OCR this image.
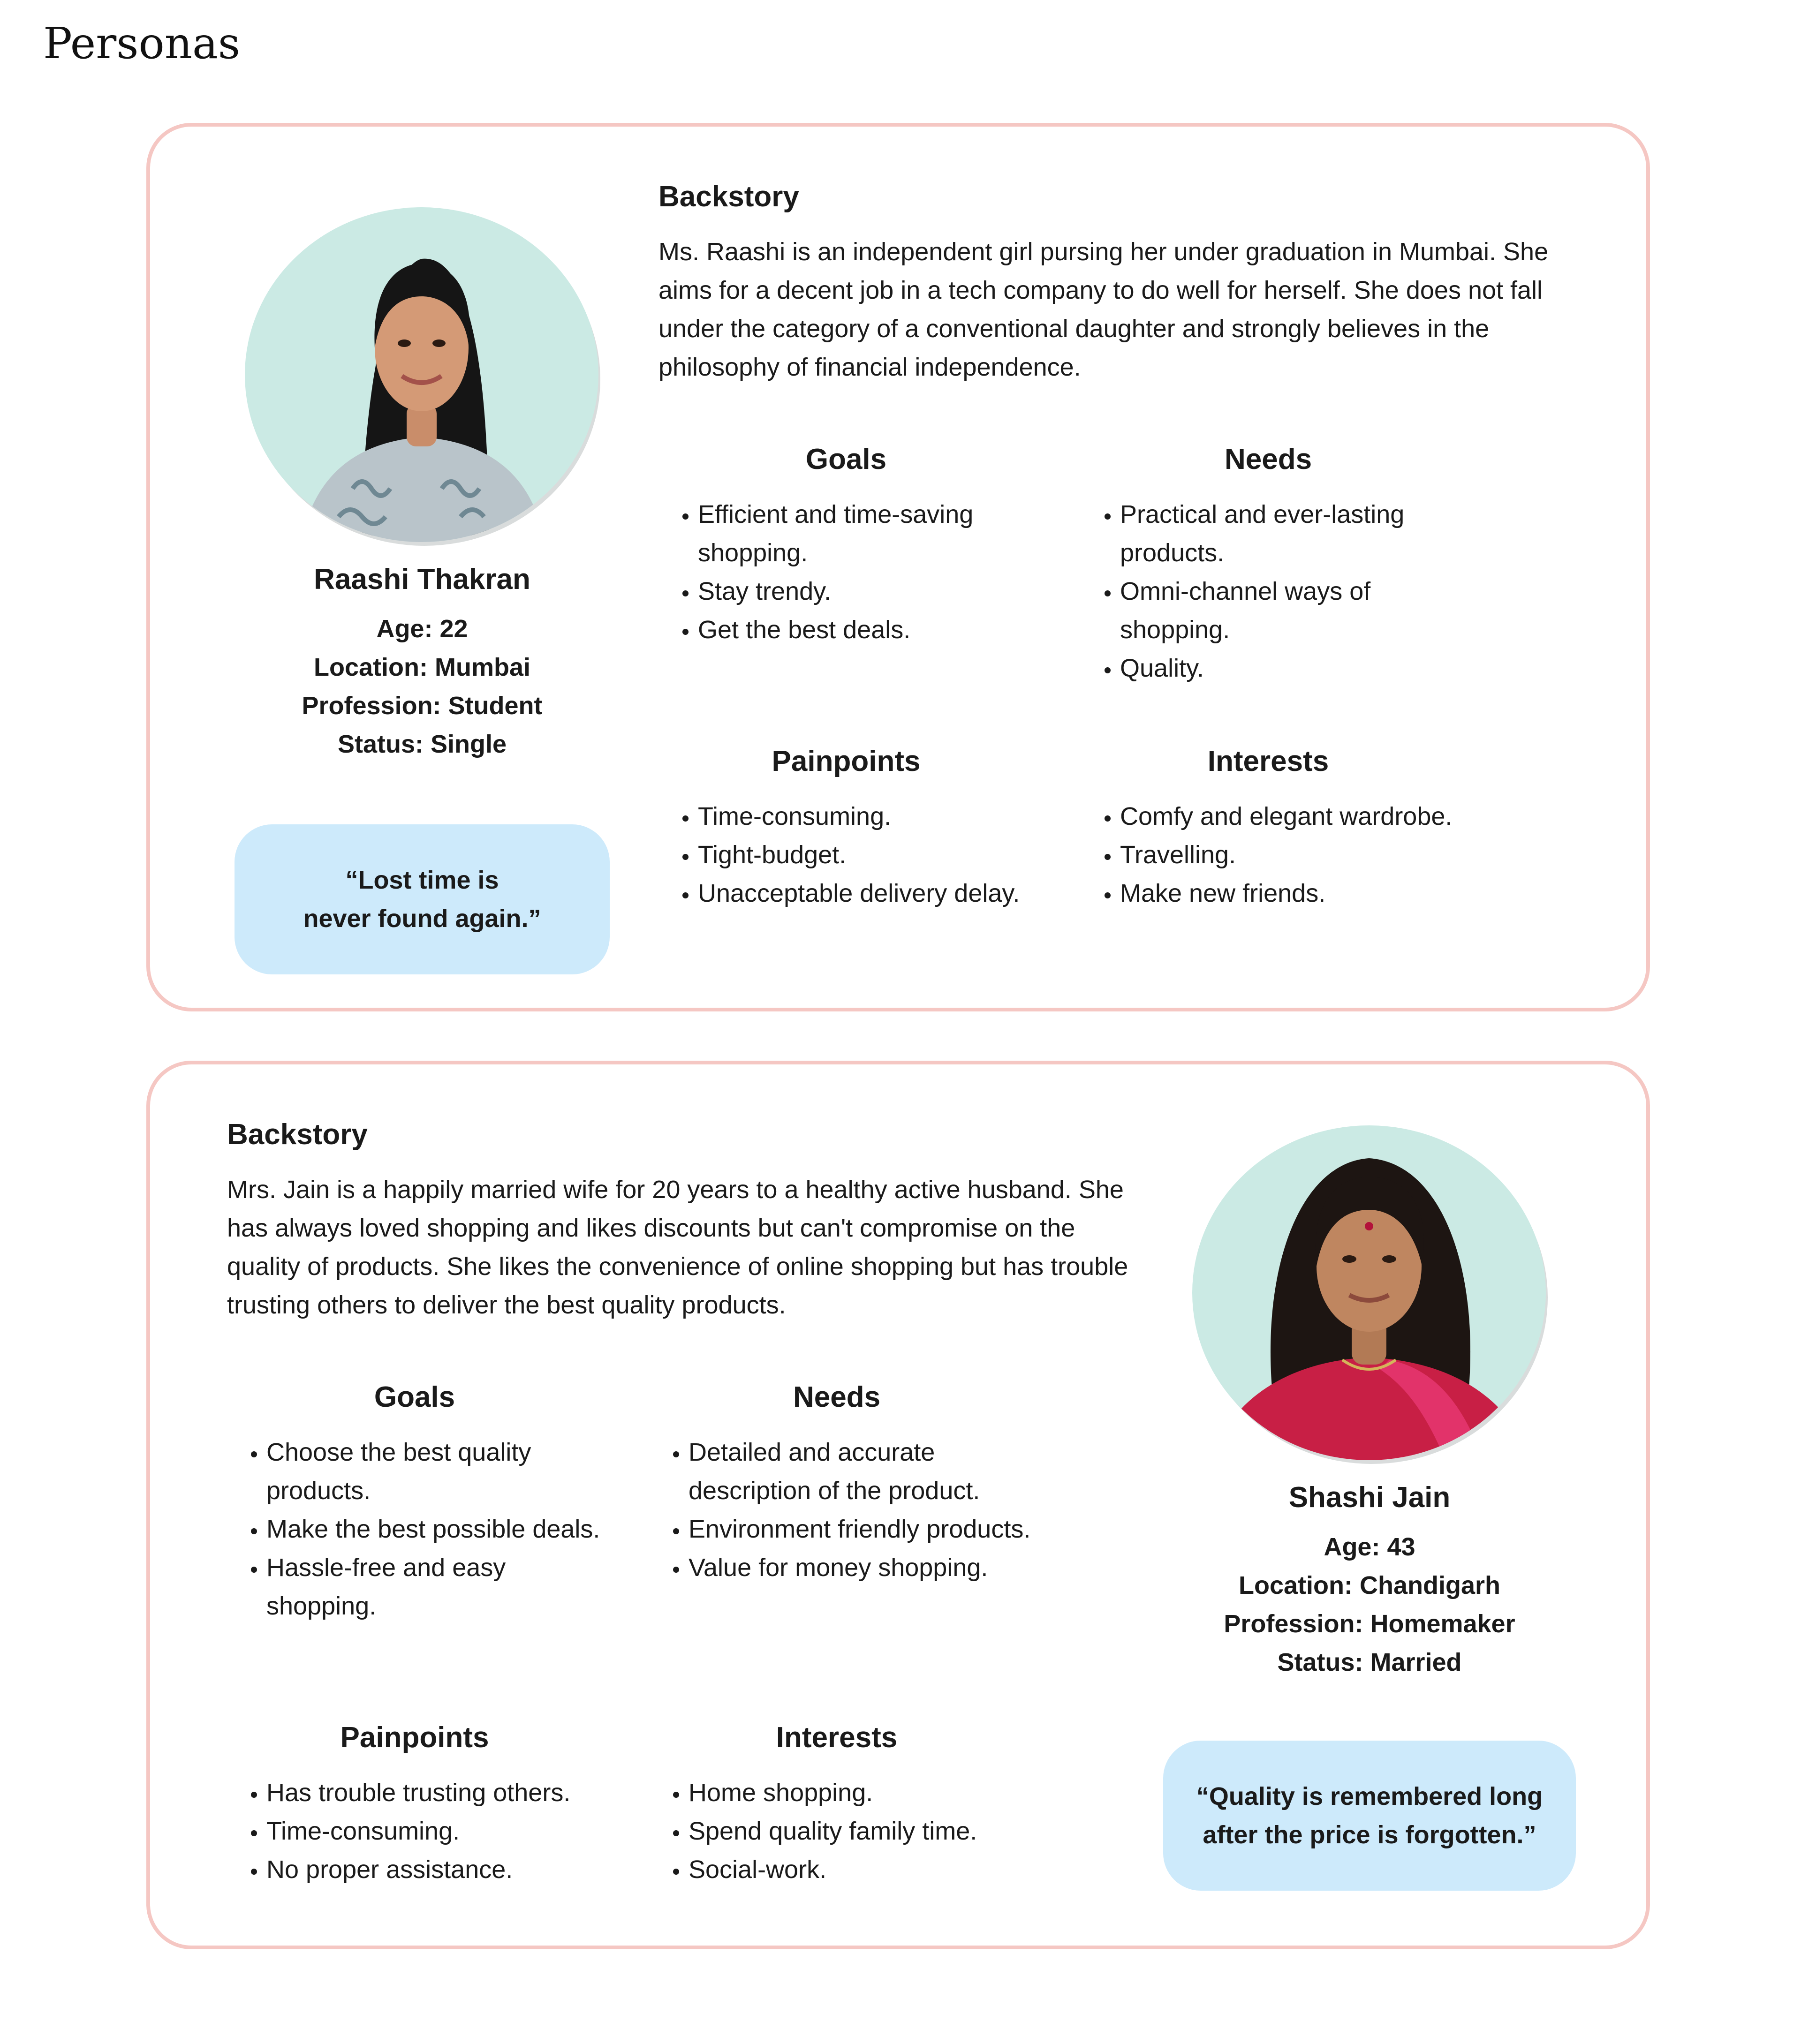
Personas
Raashi Thakran
Age: 22
Location: Mumbai
Profession: Student
Status: Single
“Lost time is
never found again.”
Backstory

Ms. Raashi is an independent girl pursing her under graduation in Mumbai. She aims for a decent job in a tech company to do well for herself. She does not fall under the category of a conventional daughter and strongly believes in the philosophy of financial independence.

Goals
• Efficient and time-saving shopping.
• Stay trendy.
• Get the best deals.
Needs
• Practical and ever-lasting products.
• Omni-channel ways of shopping.
• Quality.
Painpoints
• Time-consuming.
• Tight-budget.
• Unacceptable delivery delay.
Interests
• Comfy and elegant wardrobe.
• Travelling.
• Make new friends.
Backstory

Mrs. Jain is a happily married wife for 20 years to a healthy active husband. She has always loved shopping and likes discounts but can't compromise on the quality of products. She likes the convenience of online shopping but has trouble trusting others to deliver the best quality products.

Goals
• Choose the best quality products.
• Make the best possible deals.
• Hassle-free and easy shopping.
Needs
• Detailed and accurate description of the product.
• Environment friendly products.
• Value for money shopping.
Painpoints
• Has trouble trusting others.
• Time-consuming.
• No proper assistance.
Interests
• Home shopping.
• Spend quality family time.
• Social-work.
Shashi Jain
Age: 43
Location: Chandigarh
Profession: Homemaker
Status: Married
“Quality is remembered long
after the price is forgotten.”
